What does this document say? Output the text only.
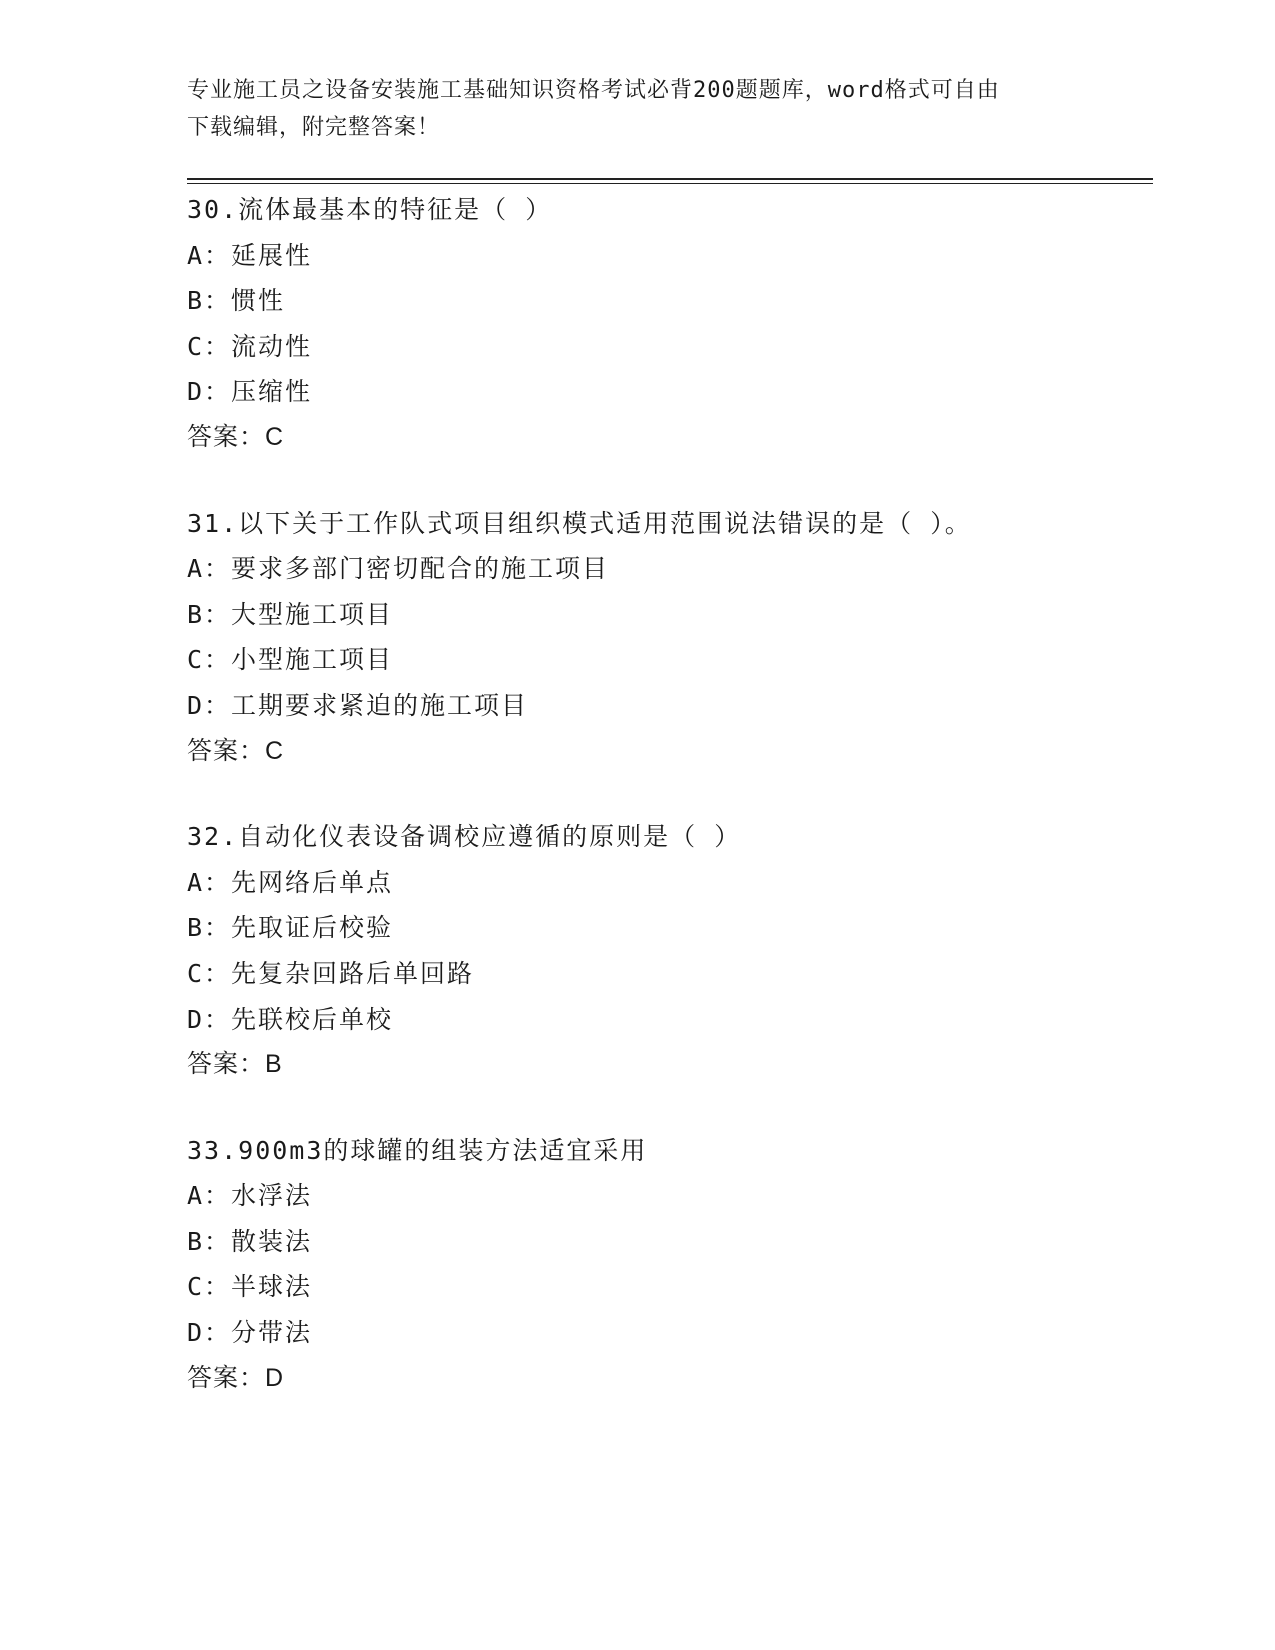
专业施工员之设备安装施工基础知识资格考试必背200题题库，word格式可自由
下载编辑，附完整答案！
30.流体最基本的特征是（ ）
A：延展性
B：惯性
C：流动性
D：压缩性
答案：C
31.以下关于工作队式项目组织模式适用范围说法错误的是（ ）。
A：要求多部门密切配合的施工项目
B：大型施工项目
C：小型施工项目
D：工期要求紧迫的施工项目
答案：C
32.自动化仪表设备调校应遵循的原则是（ ）
A：先网络后单点
B：先取证后校验
C：先复杂回路后单回路
D：先联校后单校
答案：B
33.900m3的球罐的组装方法适宜采用
A：水浮法
B：散装法
C：半球法
D：分带法
答案：D
